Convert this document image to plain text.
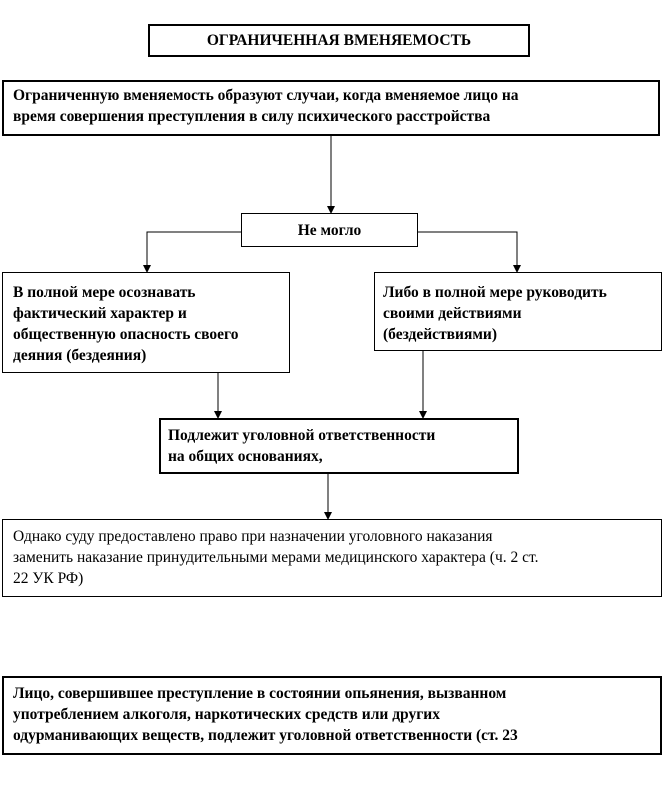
ОГРАНИЧЕННАЯ ВМЕНЯЕМОСТЬ
Ограниченную вменяемость образуют случаи, когда вменяемое лицо на
время совершения преступления в силу психического расстройства
Не могло
В полной мере осознавать
фактический характер и
общественную опасность своего
деяния (бездеяния)
Либо в полной мере руководить
своими действиями
(бездействиями)
Подлежит уголовной ответственности
на общих основаниях,
Однако суду предоставлено право при назначении уголовного наказания
заменить наказание принудительными мерами медицинского характера (ч. 2 ст.
22 УК РФ)
Лицо, совершившее преступление в состоянии опьянения, вызванном
употреблением алкоголя, наркотических средств или других
одурманивающих веществ, подлежит уголовной ответственности (ст. 23
